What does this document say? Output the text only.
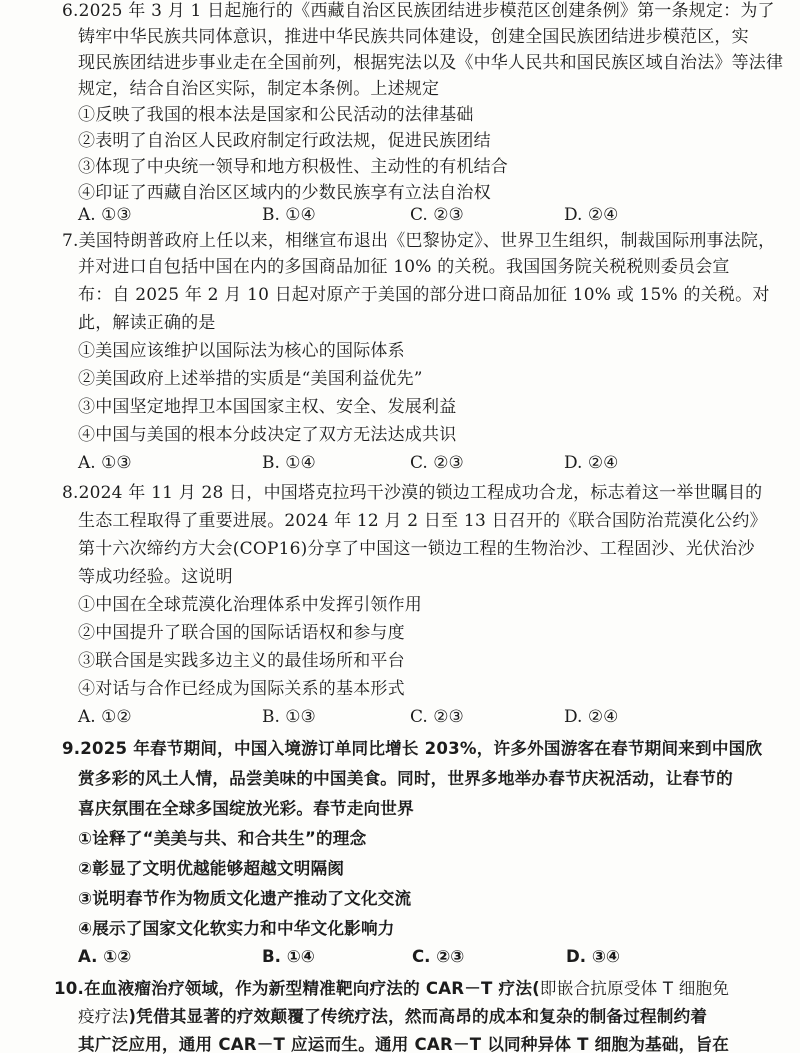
6.2025 年 3 月 1 日起施行的《西藏自治区民族团结进步模范区创建条例》第一条规定：为了
铸牢中华民族共同体意识，推进中华民族共同体建设，创建全国民族团结进步模范区，实
现民族团结进步事业走在全国前列，根据宪法以及《中华人民共和国民族区域自治法》等法律
规定，结合自治区实际，制定本条例。上述规定
①反映了我国的根本法是国家和公民活动的法律基础
②表明了自治区人民政府制定行政法规，促进民族团结
③体现了中央统一领导和地方积极性、主动性的有机结合
④印证了西藏自治区区域内的少数民族享有立法自治权
A. ①③	B. ①④	C. ②③	D. ②④
7.美国特朗普政府上任以来，相继宣布退出《巴黎协定》、世界卫生组织，制裁国际刑事法院，
并对进口自包括中国在内的多国商品加征 10% 的关税。我国国务院关税税则委员会宣
布：自 2025 年 2 月 10 日起对原产于美国的部分进口商品加征 10% 或 15% 的关税。对
此，解读正确的是
①美国应该维护以国际法为核心的国际体系
②美国政府上述举措的实质是“美国利益优先”
③中国坚定地捍卫本国国家主权、安全、发展利益
④中国与美国的根本分歧决定了双方无法达成共识
A. ①③	B. ①④	C. ②③	D. ②④
8.2024 年 11 月 28 日，中国塔克拉玛干沙漠的锁边工程成功合龙，标志着这一举世瞩目的
生态工程取得了重要进展。2024 年 12 月 2 日至 13 日召开的《联合国防治荒漠化公约》
第十六次缔约方大会(COP16)分享了中国这一锁边工程的生物治沙、工程固沙、光伏治沙
等成功经验。这说明
①中国在全球荒漠化治理体系中发挥引领作用
②中国提升了联合国的国际话语权和参与度
③联合国是实践多边主义的最佳场所和平台
④对话与合作已经成为国际关系的基本形式
A. ①②	B. ①③	C. ②③	D. ②④
9.2025 年春节期间，中国入境游订单同比增长 203%，许多外国游客在春节期间来到中国欣
赏多彩的风土人情，品尝美味的中国美食。同时，世界多地举办春节庆祝活动，让春节的
喜庆氛围在全球多国绽放光彩。春节走向世界
①诠释了“美美与共、和合共生”的理念
②彰显了文明优越能够超越文明隔阂
③说明春节作为物质文化遗产推动了文化交流
④展示了国家文化软实力和中华文化影响力
A. ①②	B. ①④	C. ②③	D. ③④
10.在血液瘤治疗领域，作为新型精准靶向疗法的 CAR－T 疗法(即嵌合抗原受体 T 细胞免
疫疗法)凭借其显著的疗效颠覆了传统疗法，然而高昂的成本和复杂的制备过程制约着
其广泛应用，通用 CAR－T 应运而生。通用 CAR－T 以同种异体 T 细胞为基础，旨在
